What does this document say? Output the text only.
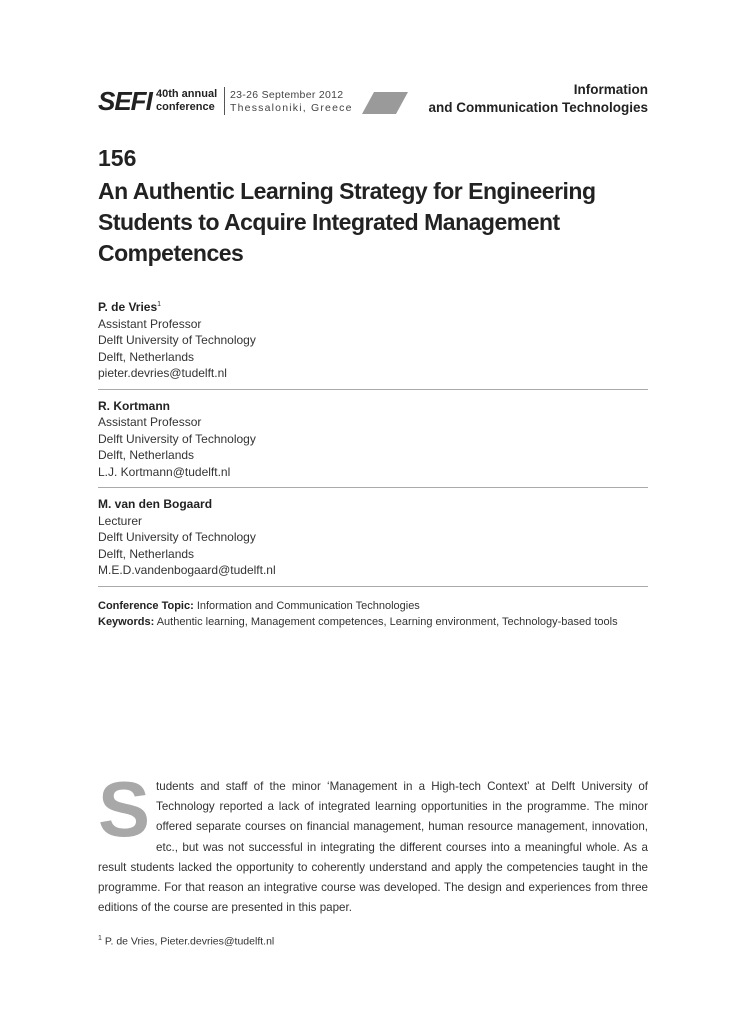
SEFI 40th annual
conference
23-26 September 2012
Thessaloniki, Greece
Information
and Communication Technologies
156
An Authentic Learning Strategy for Engineering Students to Acquire Integrated Management Competences
P. de Vries$^1$
Assistant Professor
Delft University of Technology
Delft, Netherlands
pieter.devries@tudelft.nl
R. Kortmann
Assistant Professor
Delft University of Technology
Delft, Netherlands
L.J. Kortmann@tudelft.nl
M. van den Bogaard
Lecturer
Delft University of Technology
Delft, Netherlands
M.E.D.vandenbogaard@tudelft.nl
Conference Topic: Information and Communication Technologies
Keywords: Authentic learning, Management competences, Learning environment, Technology-based tools
Students and staff of the minor ‘Management in a High-tech Context’ at Delft University of Technology reported a lack of integrated learning opportunities in the programme. The minor offered separate courses on financial management, human resource management, innovation, etc., but was not successful in integrating the different courses into a meaningful whole. As a result students lacked the opportunity to coherently understand and apply the competencies taught in the programme. For that reason an integrative course was developed. The design and experiences from three editions of the course are presented in this paper.
$^1$ P. de Vries, Pieter.devries@tudelft.nl
